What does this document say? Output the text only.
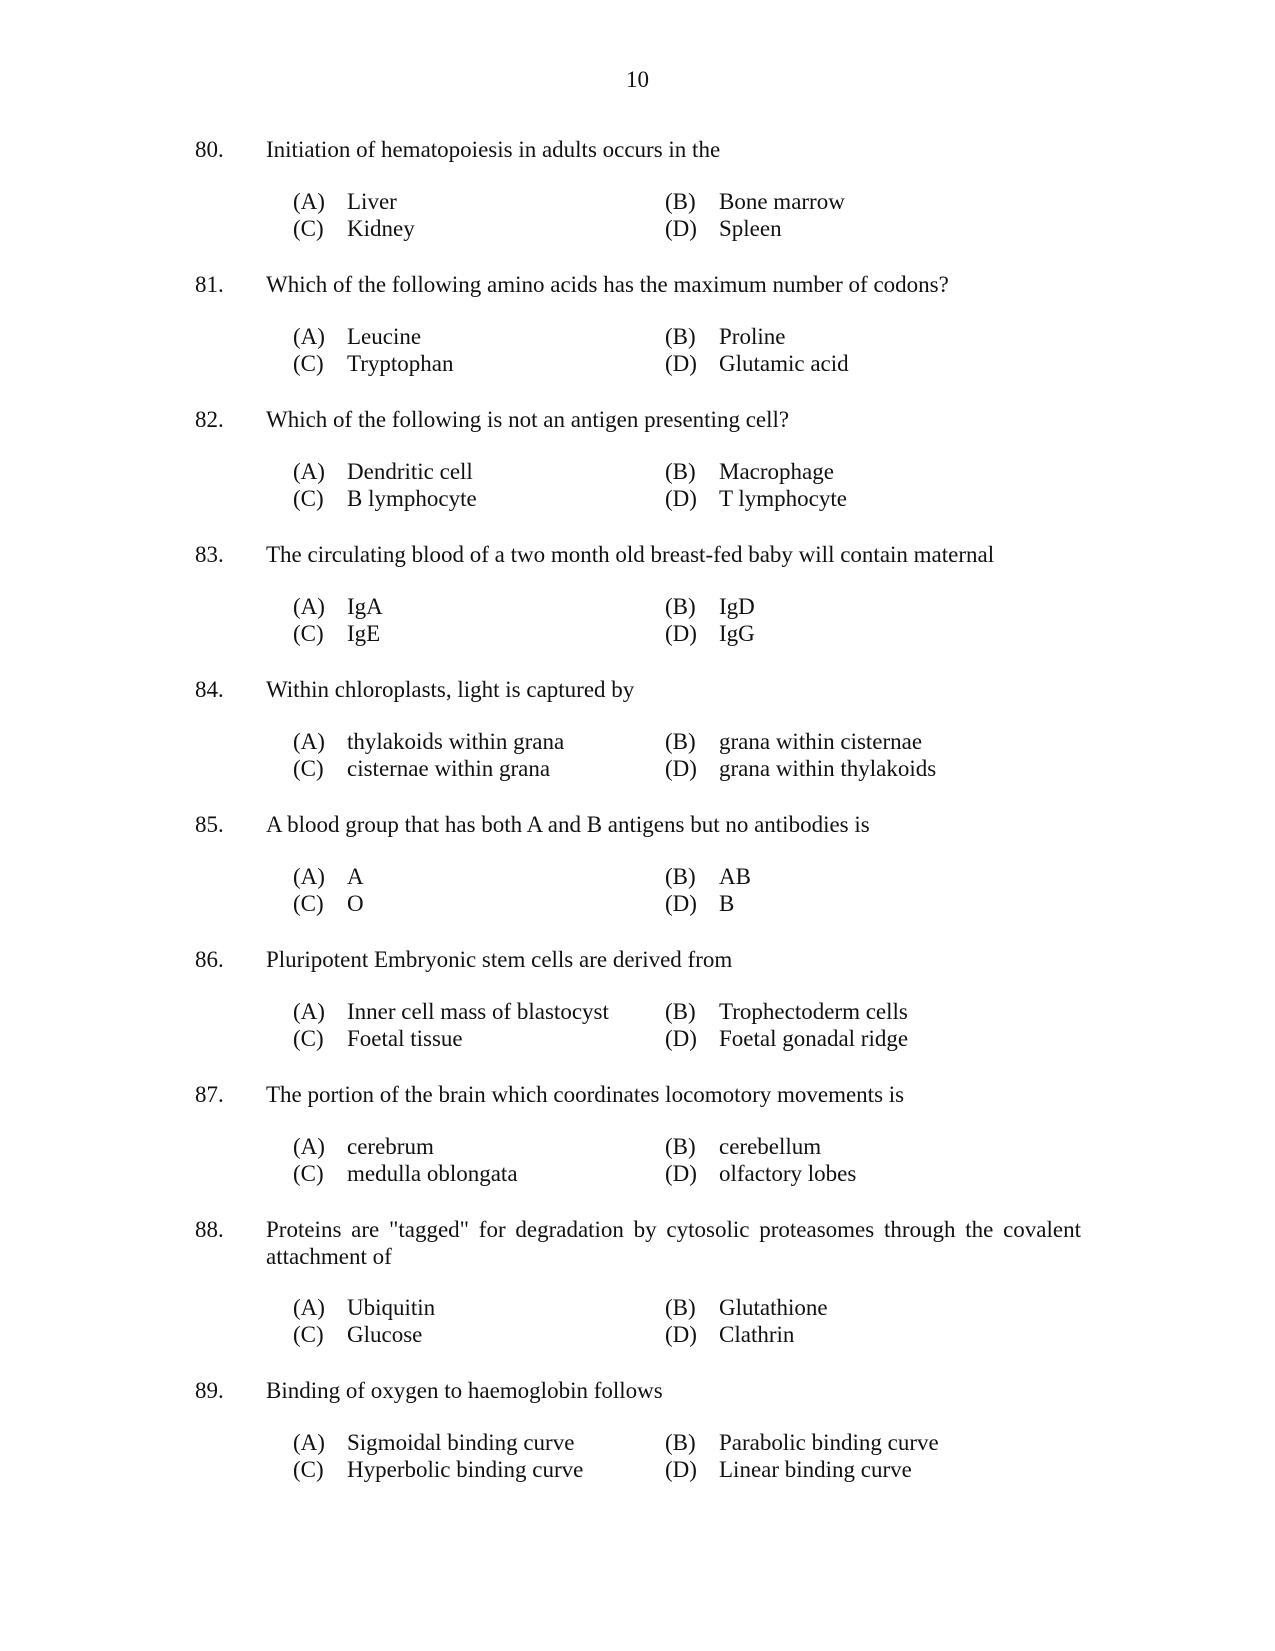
10
80. Initiation of hematopoiesis in adults occurs in the
(A) Liver	(B) Bone marrow
(C) Kidney	(D) Spleen
81. Which of the following amino acids has the maximum number of codons?
(A) Leucine	(B) Proline
(C) Tryptophan	(D) Glutamic acid
82. Which of the following is not an antigen presenting cell?
(A) Dendritic cell	(B) Macrophage
(C) B lymphocyte	(D) T lymphocyte
83. The circulating blood of a two month old breast-fed baby will contain maternal
(A) IgA	(B) IgD
(C) IgE	(D) IgG
84. Within chloroplasts, light is captured by
(A) thylakoids within grana	(B) grana within cisternae
(C) cisternae within grana	(D) grana within thylakoids
85. A blood group that has both A and B antigens but no antibodies is
(A) A	(B) AB
(C) O	(D) B
86. Pluripotent Embryonic stem cells are derived from
(A) Inner cell mass of blastocyst (B) Trophectoderm cells
(C) Foetal tissue	(D) Foetal gonadal ridge
87. The portion of the brain which coordinates locomotory movements is
(A) cerebrum	(B) cerebellum
(C) medulla oblongata	(D) olfactory lobes
88. Proteins are "tagged" for degradation by cytosolic proteasomes through the covalent attachment of
(A) Ubiquitin	(B) Glutathione
(C) Glucose	(D) Clathrin
89. Binding of oxygen to haemoglobin follows
(A) Sigmoidal binding curve	(B) Parabolic binding curve
(C) Hyperbolic binding curve	(D) Linear binding curve
